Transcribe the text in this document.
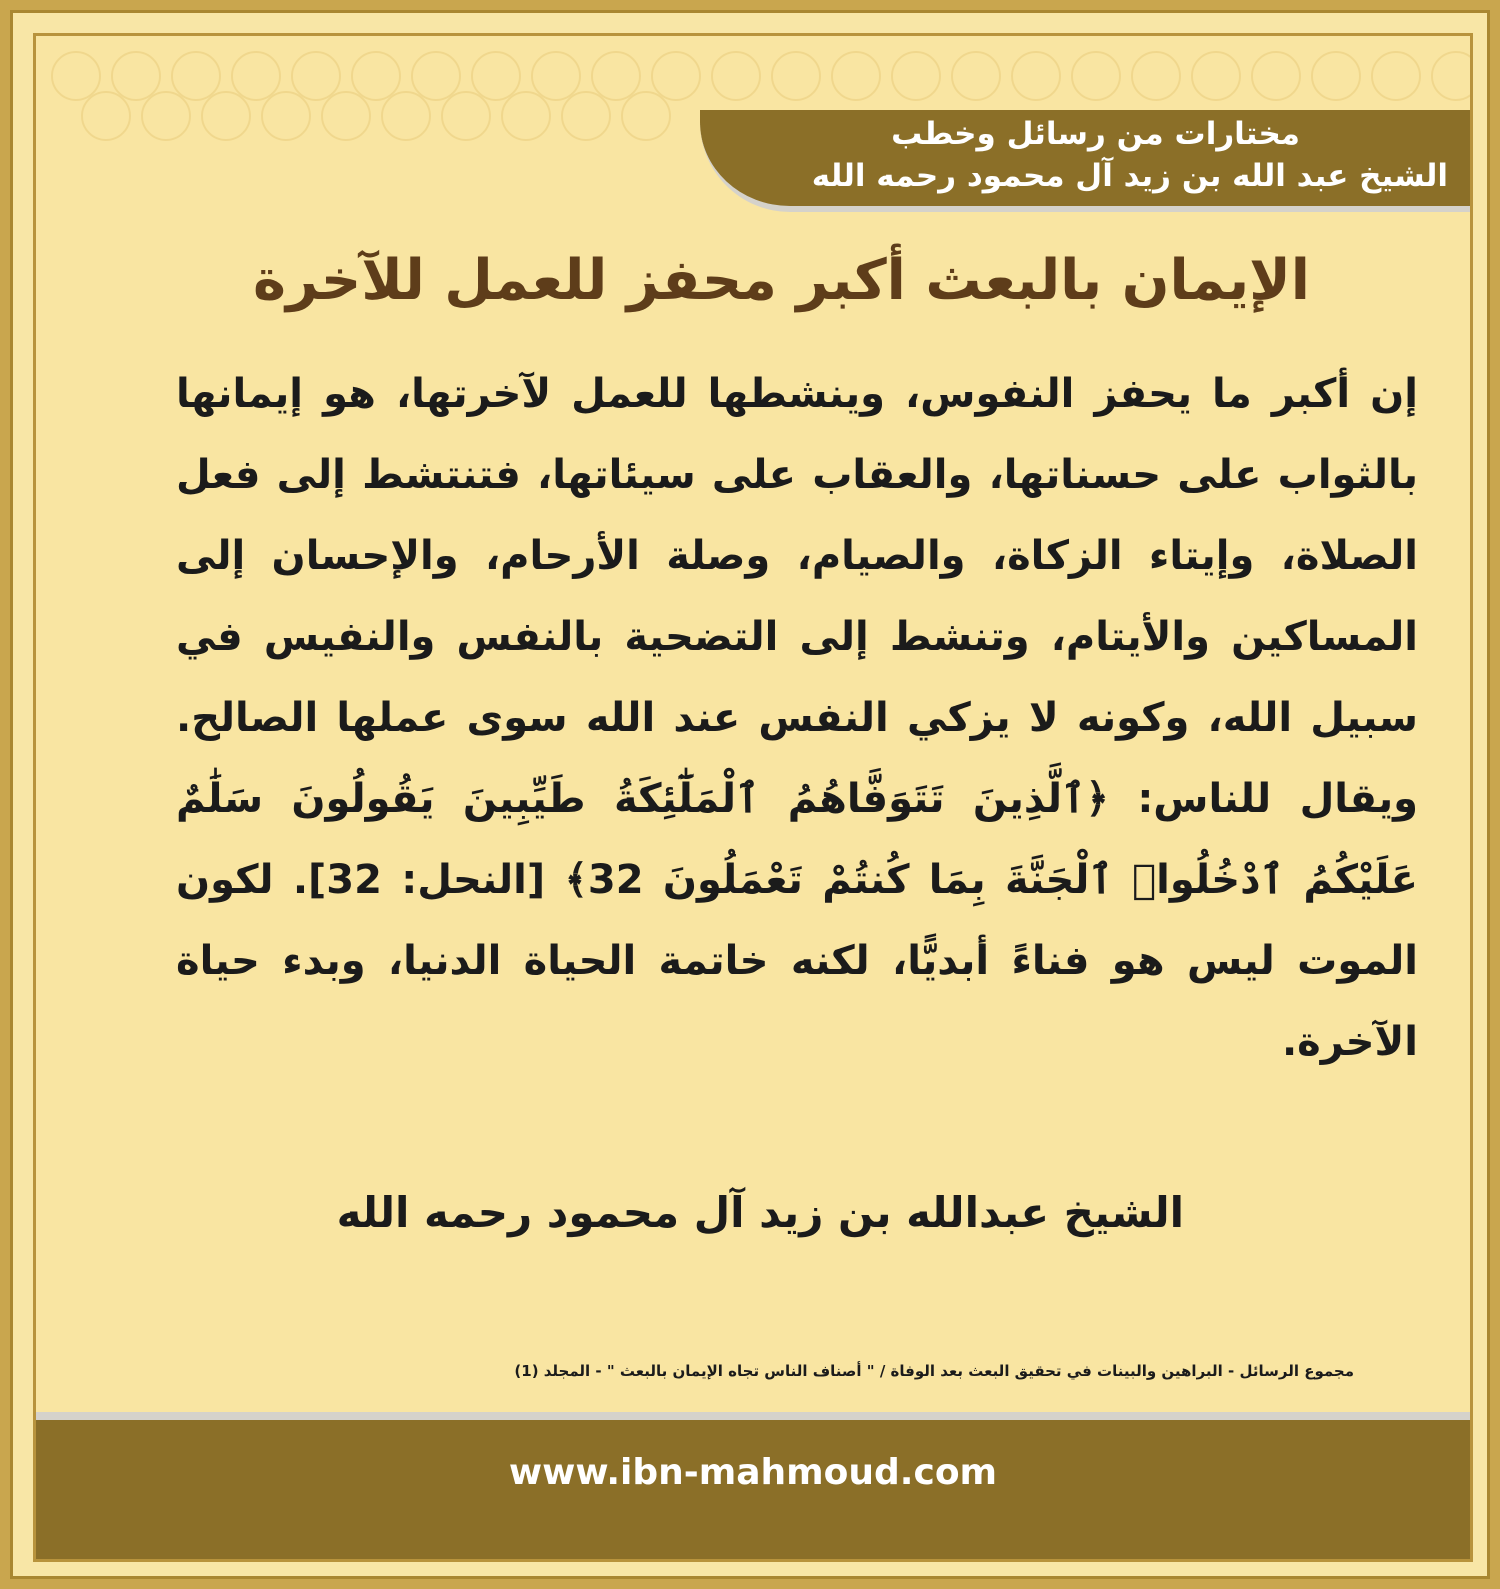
مختارات من رسائل وخطب
الشيخ عبد الله بن زيد آل محمود رحمه الله
الإيمان بالبعث أكبر محفز للعمل للآخرة

إن أكبر ما يحفز النفوس، وينشطها للعمل لآخرتها، هو إيمانها بالثواب على حسناتها، والعقاب على سيئاتها، فتنتشط إلى فعل الصلاة، وإيتاء الزكاة، والصيام، وصلة الأرحام، والإحسان إلى المساكين والأيتام، وتنشط إلى التضحية بالنفس والنفيس في سبيل الله، وكونه لا يزكي النفس عند الله سوى عملها الصالح. ويقال للناس: ﴿ٱلَّذِينَ تَتَوَفَّاهُمُ ٱلْمَلَٰٓئِكَةُ طَيِّبِينَ يَقُولُونَ سَلَٰمٌ عَلَيْكُمُ ٱدْخُلُوا۟ ٱلْجَنَّةَ بِمَا كُنتُمْ تَعْمَلُونَ 32﴾ [النحل: 32]. لكون الموت ليس هو فناءً أبديًّا، لكنه خاتمة الحياة الدنيا، وبدء حياة الآخرة.

الشيخ عبدالله بن زيد آل محمود رحمه الله
مجموع الرسائل - البراهين والبينات في تحقيق البعث بعد الوفاة / " أصناف الناس تجاه الإيمان بالبعث " - المجلد (1)
www.ibn-mahmoud.com
